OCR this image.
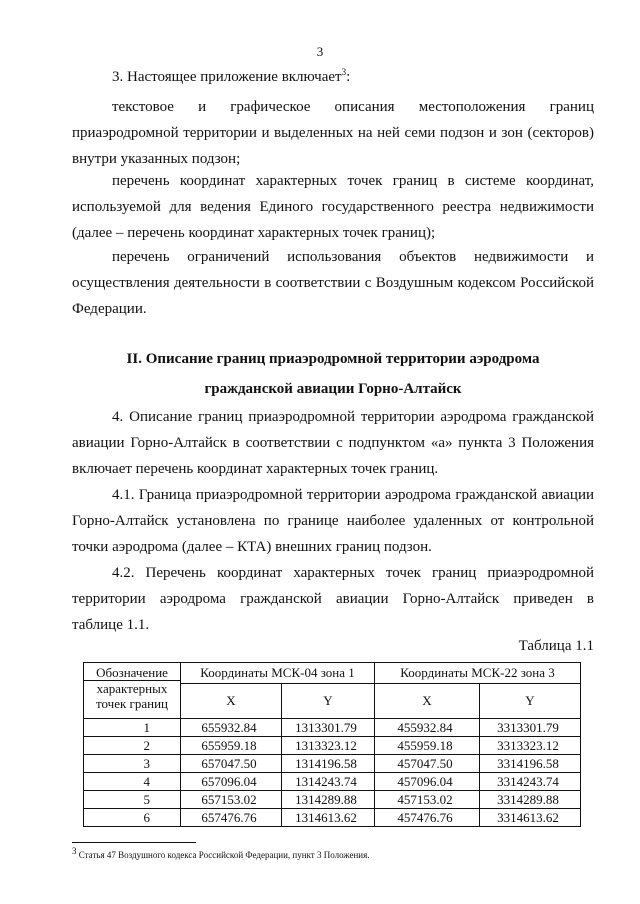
3

3. Настоящее приложение включает$^3$:

текстовое и графическое описания местоположения границ
приаэродромной территории и выделенных на ней семи подзон и зон (секторов)
внутри указанных подзон;

перечень координат характерных точек границ в системе координат,
используемой для ведения Единого государственного реестра недвижимости
(далее – перечень координат характерных точек границ);

перечень ограничений использования объектов недвижимости и
осуществления деятельности в соответствии с Воздушным кодексом Российской
Федерации.

II. Описание границ приаэродромной территории аэродрома
гражданской авиации Горно-Алтайск

4. Описание границ приаэродромной территории аэродрома гражданской
авиации Горно-Алтайск в соответствии с подпунктом «а» пункта 3 Положения
включает перечень координат характерных точек границ.

4.1. Граница приаэродромной территории аэродрома гражданской авиации
Горно-Алтайск установлена по границе наиболее удаленных от контрольной
точки аэродрома (далее – КТА) внешних границ подзон.

4.2. Перечень координат характерных точек границ приаэродромной
территории аэродрома гражданской авиации Горно-Алтайск приведен в
таблице 1.1.

Таблица 1.1
Обозначение
характерных
точек границ	Координаты МСК-04 зона 1		Координаты МСК-22 зона 3	
	X	Y	X	Y
1	655932.84	1313301.79	455932.84	3313301.79
2	655959.18	1313323.12	455959.18	3313323.12
3	657047.50	1314196.58	457047.50	3314196.58
4	657096.04	1314243.74	457096.04	3314243.74
5	657153.02	1314289.88	457153.02	3314289.88
6	657476.76	1314613.62	457476.76	3314613.62
$^3$ Статья 47 Воздушного кодекса Российской Федерации, пункт 3 Положения.
